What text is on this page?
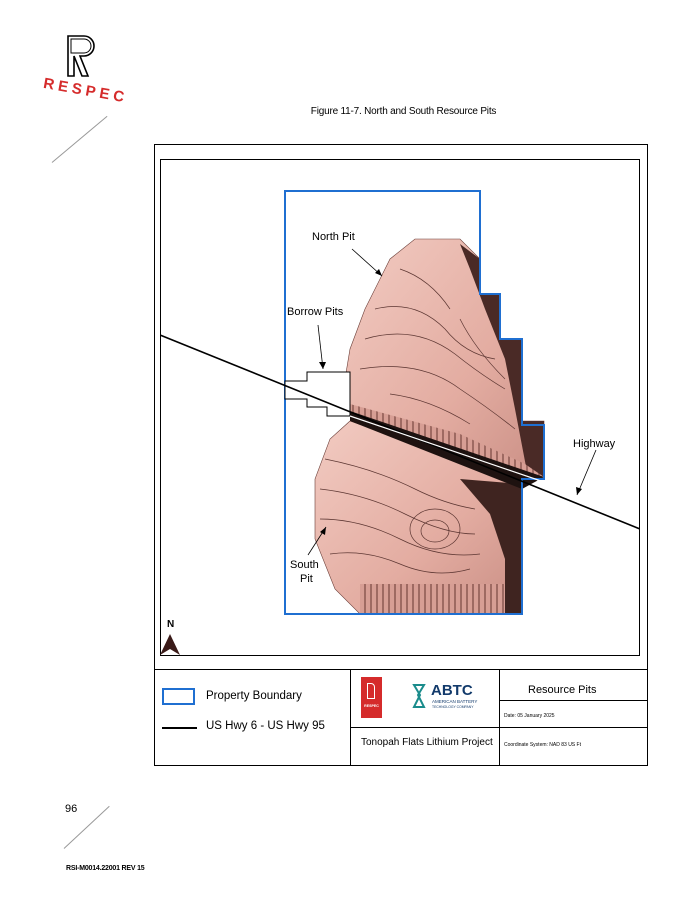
RESPEC
Figure 11-7. North and South Resource Pits
North Pit
Borrow Pits
Highway
South
Pit
N
Property Boundary
US Hwy 6 - US Hwy 95
RESPEC
ABTC
AMERICAN BATTERY
TECHNOLOGY COMPANY
Tonopah Flats Lithium Project
Resource Pits
Date: 05 January 2025
Coordinate System: NAD 83 US Ft
96
RSI-M0014.22001 REV 15
